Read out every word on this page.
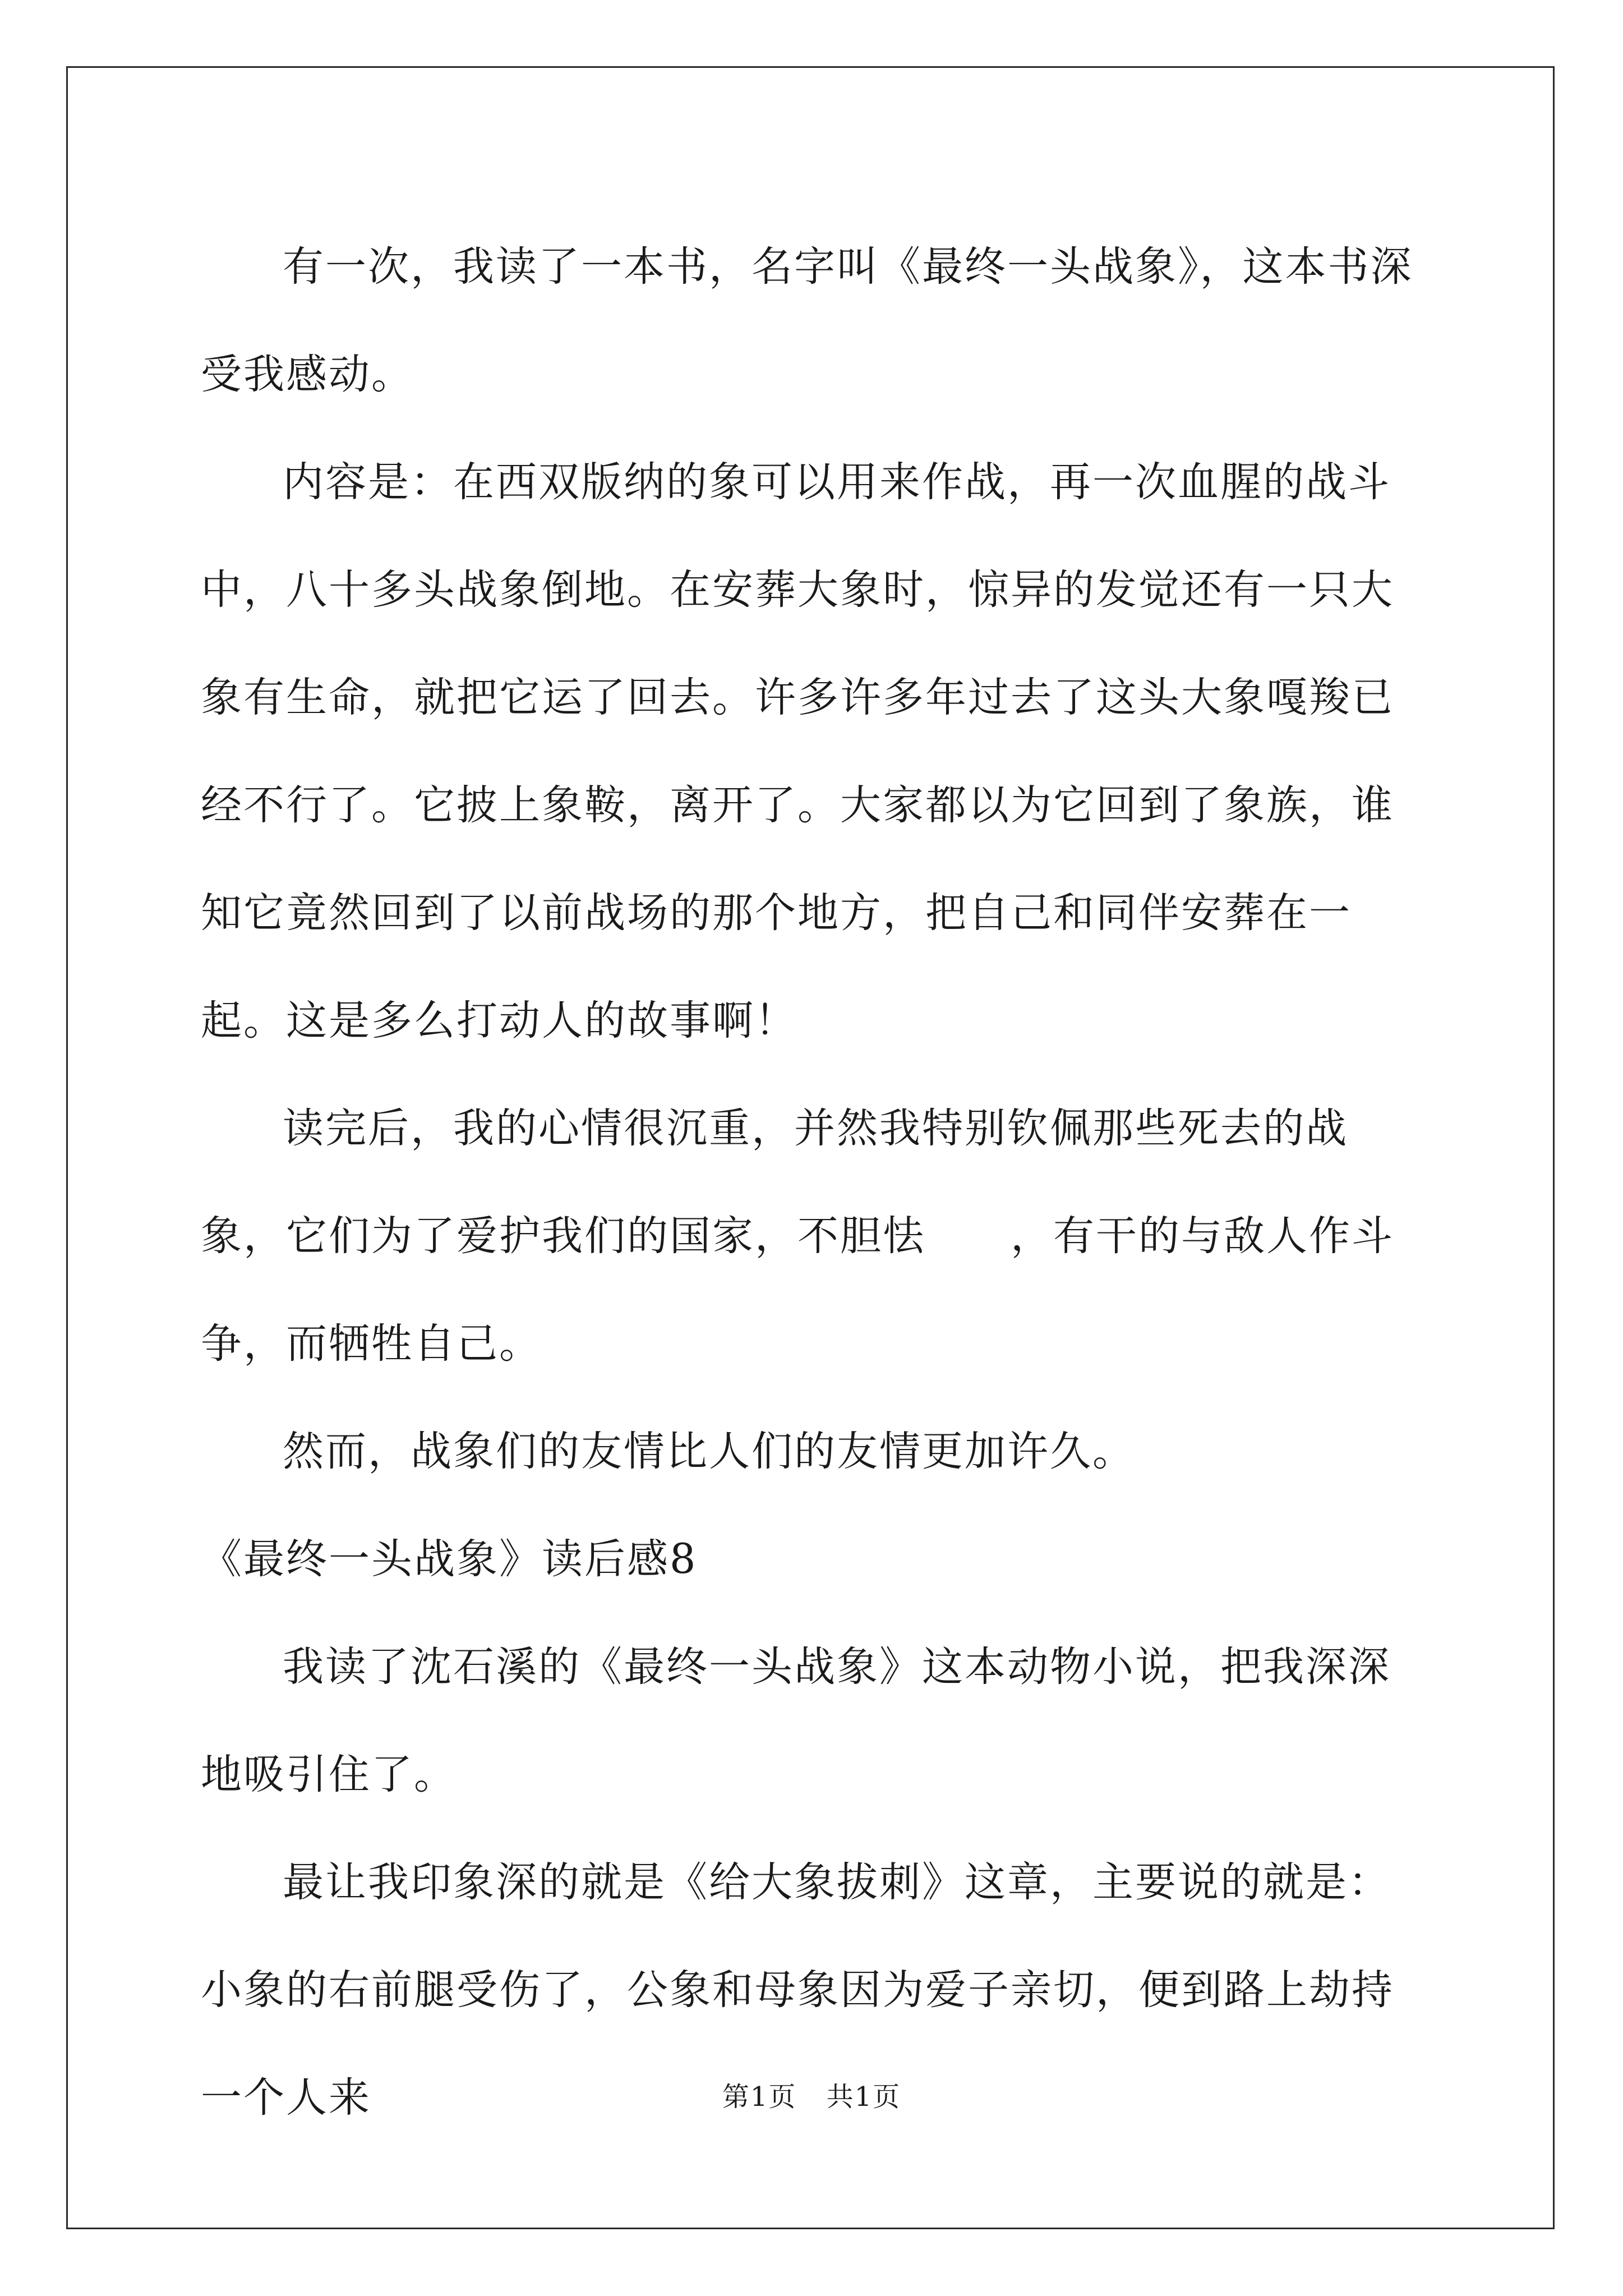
有一次，我读了一本书，名字叫《最终一头战象》，这本书深受我感动。

内容是：在西双版纳的象可以用来作战，再一次血腥的战斗中，八十多头战象倒地。在安葬大象时，惊异的发觉还有一只大象有生命，就把它运了回去。许多许多年过去了这头大象嘎羧已经不行了。它披上象鞍，离开了。大家都以为它回到了象族，谁知它竟然回到了以前战场的那个地方，把自己和同伴安葬在一起。这是多么打动人的故事啊！

读完后，我的心情很沉重，并然我特别钦佩那些死去的战象，它们为了爱护我们的国家，不胆怯　　，有干的与敌人作斗争，而牺牲自己。

然而，战象们的友情比人们的友情更加许久。

《最终一头战象》读后感8

我读了沈石溪的《最终一头战象》这本动物小说，把我深深地吸引住了。

最让我印象深的就是《给大象拔刺》这章，主要说的就是：小象的右前腿受伤了，公象和母象因为爱子亲切，便到路上劫持一个人来	第1页 共1页
